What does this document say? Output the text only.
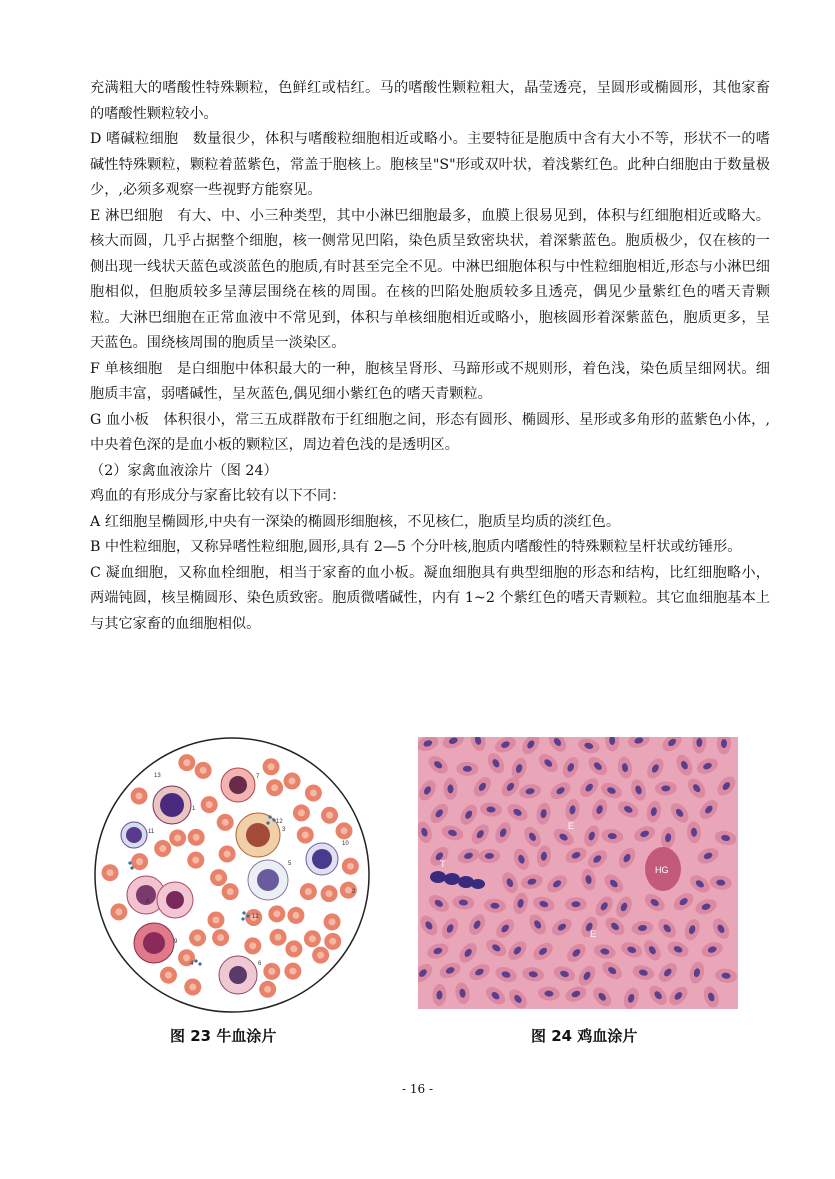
充满粗大的嗜酸性特殊颗粒，色鲜红或桔红。马的嗜酸性颗粒粗大，晶莹透亮，呈圆形或椭圆形，其他家畜的嗜酸性颗粒较小。

D 嗜碱粒细胞　数量很少，体积与嗜酸粒细胞相近或略小。主要特征是胞质中含有大小不等，形状不一的嗜碱性特殊颗粒，颗粒着蓝紫色，常盖于胞核上。胞核呈"S"形或双叶状，着浅紫红色。此种白细胞由于数量极少，,必须多观察一些视野方能察见。

E 淋巴细胞　有大、中、小三种类型，其中小淋巴细胞最多，血膜上很易见到，体积与红细胞相近或略大。核大而圆，几乎占据整个细胞，核一侧常见凹陷，染色质呈致密块状，着深紫蓝色。胞质极少，仅在核的一侧出现一线状天蓝色或淡蓝色的胞质,有时甚至完全不见。中淋巴细胞体积与中性粒细胞相近,形态与小淋巴细胞相似，但胞质较多呈薄层围绕在核的周围。在核的凹陷处胞质较多且透亮，偶见少量紫红色的嗜天青颗粒。大淋巴细胞在正常血液中不常见到，体积与单核细胞相近或略小，胞核圆形着深紫蓝色，胞质更多，呈天蓝色。围绕核周围的胞质呈一淡染区。

F 单核细胞　是白细胞中体积最大的一种，胞核呈肾形、马蹄形或不规则形，着色浅，染色质呈细网状。细胞质丰富，弱嗜碱性，呈灰蓝色,偶见细小紫红色的嗜天青颗粒。

G 血小板　体积很小，常三五成群散布于红细胞之间，形态有圆形、椭圆形、星形或多角形的蓝紫色小体，,中央着色深的是血小板的颗粒区，周边着色浅的是透明区。

（2）家禽血液涂片（图 24）

鸡血的有形成分与家畜比较有以下不同：

A 红细胞呈椭圆形,中央有一深染的椭圆形细胞核，不见核仁，胞质呈均质的淡红色。

B 中性粒细胞，又称异嗜性粒细胞,圆形,具有 2—5 个分叶核,胞质内嗜酸性的特殊颗粒呈杆状或纺锤形。

C 凝血细胞，又称血栓细胞，相当于家畜的血小板。凝血细胞具有典型细胞的形态和结构，比红细胞略小，两端钝圆，核呈椭圆形、染色质致密。胞质微嗜碱性，内有 1~2 个紫红色的嗜天青颗粒。其它血细胞基本上与其它家畜的血细胞相似。

13	7
1
3
12
11
5
10
8
2
12
9
4	6
图 23 牛血涂片
E
T
HG
E
图 24 鸡血涂片
- 16 -
